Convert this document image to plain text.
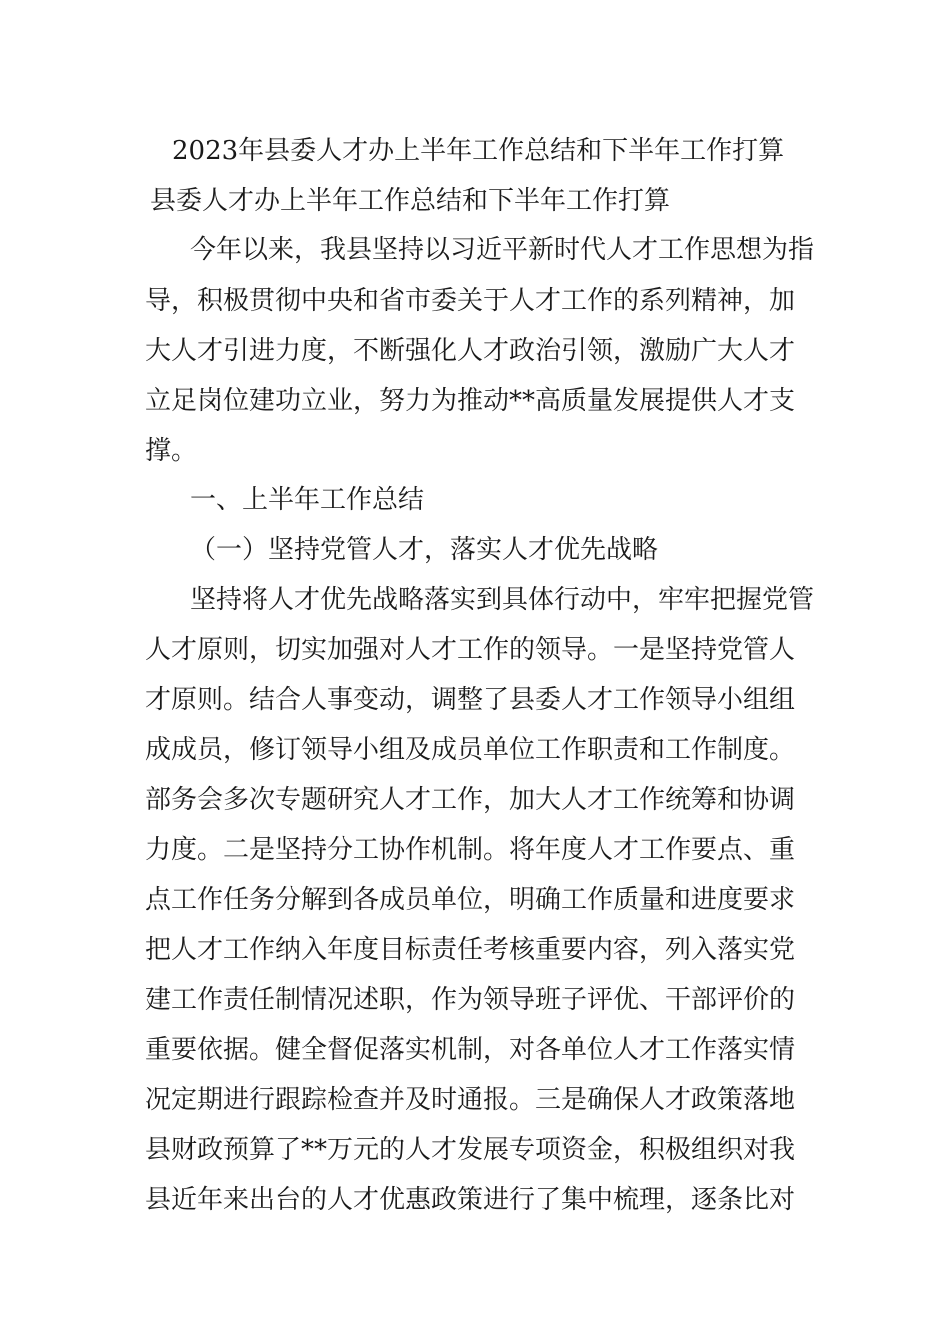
2023年县委人才办上半年工作总结和下半年工作打算
县委人才办上半年工作总结和下半年工作打算
今年以来，我县坚持以习近平新时代人才工作思想为指
导，积极贯彻中央和省市委关于人才工作的系列精神，加
大人才引进力度，不断强化人才政治引领，激励广大人才
立足岗位建功立业，努力为推动**高质量发展提供人才支
撑。
一、上半年工作总结
（一）坚持党管人才，落实人才优先战略
坚持将人才优先战略落实到具体行动中，牢牢把握党管
人才原则，切实加强对人才工作的领导。一是坚持党管人
才原则。结合人事变动，调整了县委人才工作领导小组组
成成员，修订领导小组及成员单位工作职责和工作制度。
部务会多次专题研究人才工作，加大人才工作统筹和协调
力度。二是坚持分工协作机制。将年度人才工作要点、重
点工作任务分解到各成员单位，明确工作质量和进度要求
把人才工作纳入年度目标责任考核重要内容，列入落实党
建工作责任制情况述职，作为领导班子评优、干部评价的
重要依据。健全督促落实机制，对各单位人才工作落实情
况定期进行跟踪检查并及时通报。三是确保人才政策落地
县财政预算了**万元的人才发展专项资金，积极组织对我
县近年来出台的人才优惠政策进行了集中梳理，逐条比对
